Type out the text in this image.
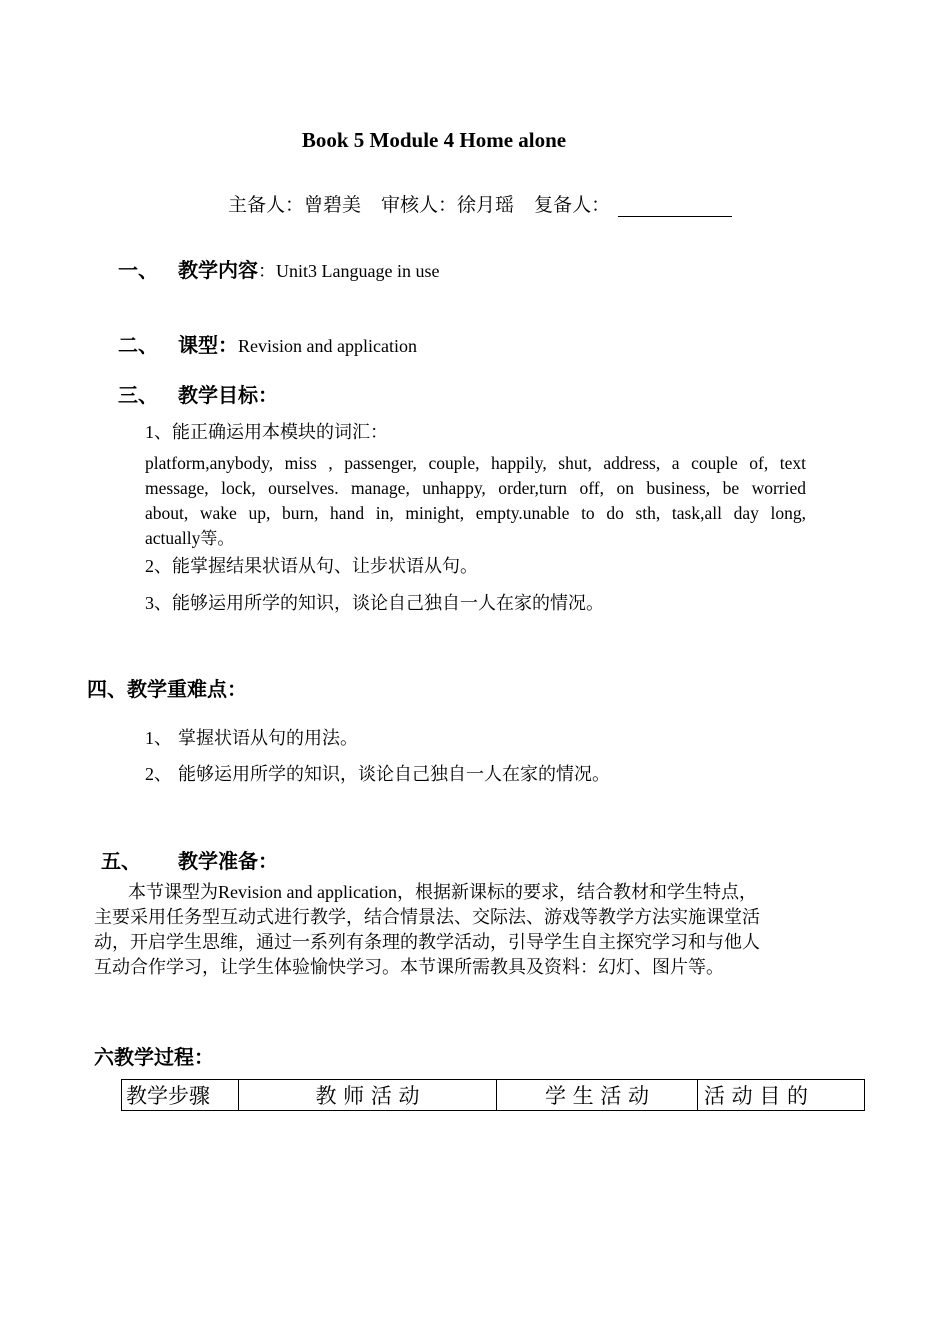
Book 5 Module 4 Home alone
主备人：曾碧美 审核人：徐月瑶 复备人：
一、 教学内容：Unit3 Language in use
二、 课型：Revision and application
三、 教学目标：
1、能正确运用本模块的词汇：
platform,anybody, miss , passenger, couple, happily, shut, address, a couple of, text
message, lock, ourselves. manage, unhappy, order,turn off, on business, be worried
about, wake up, burn, hand in, minight, empty.unable to do sth, task,all day long,
actually等。
2、能掌握结果状语从句、让步状语从句。
3、能够运用所学的知识，谈论自己独自一人在家的情况。
四、教学重难点：
1、 掌握状语从句的用法。
2、 能够运用所学的知识，谈论自己独自一人在家的情况。
五、 教学准备：
本节课型为Revision and application，根据新课标的要求，结合教材和学生特点，
主要采用任务型互动式进行教学，结合情景法、交际法、游戏等教学方法实施课堂活
动，开启学生思维，通过一系列有条理的教学活动，引导学生自主探究学习和与他人
互动合作学习，让学生体验愉快学习。本节课所需教具及资料：幻灯、图片等。
六教学过程：
教学步骤	教 师 活 动	学 生 活 动	活 动 目 的
